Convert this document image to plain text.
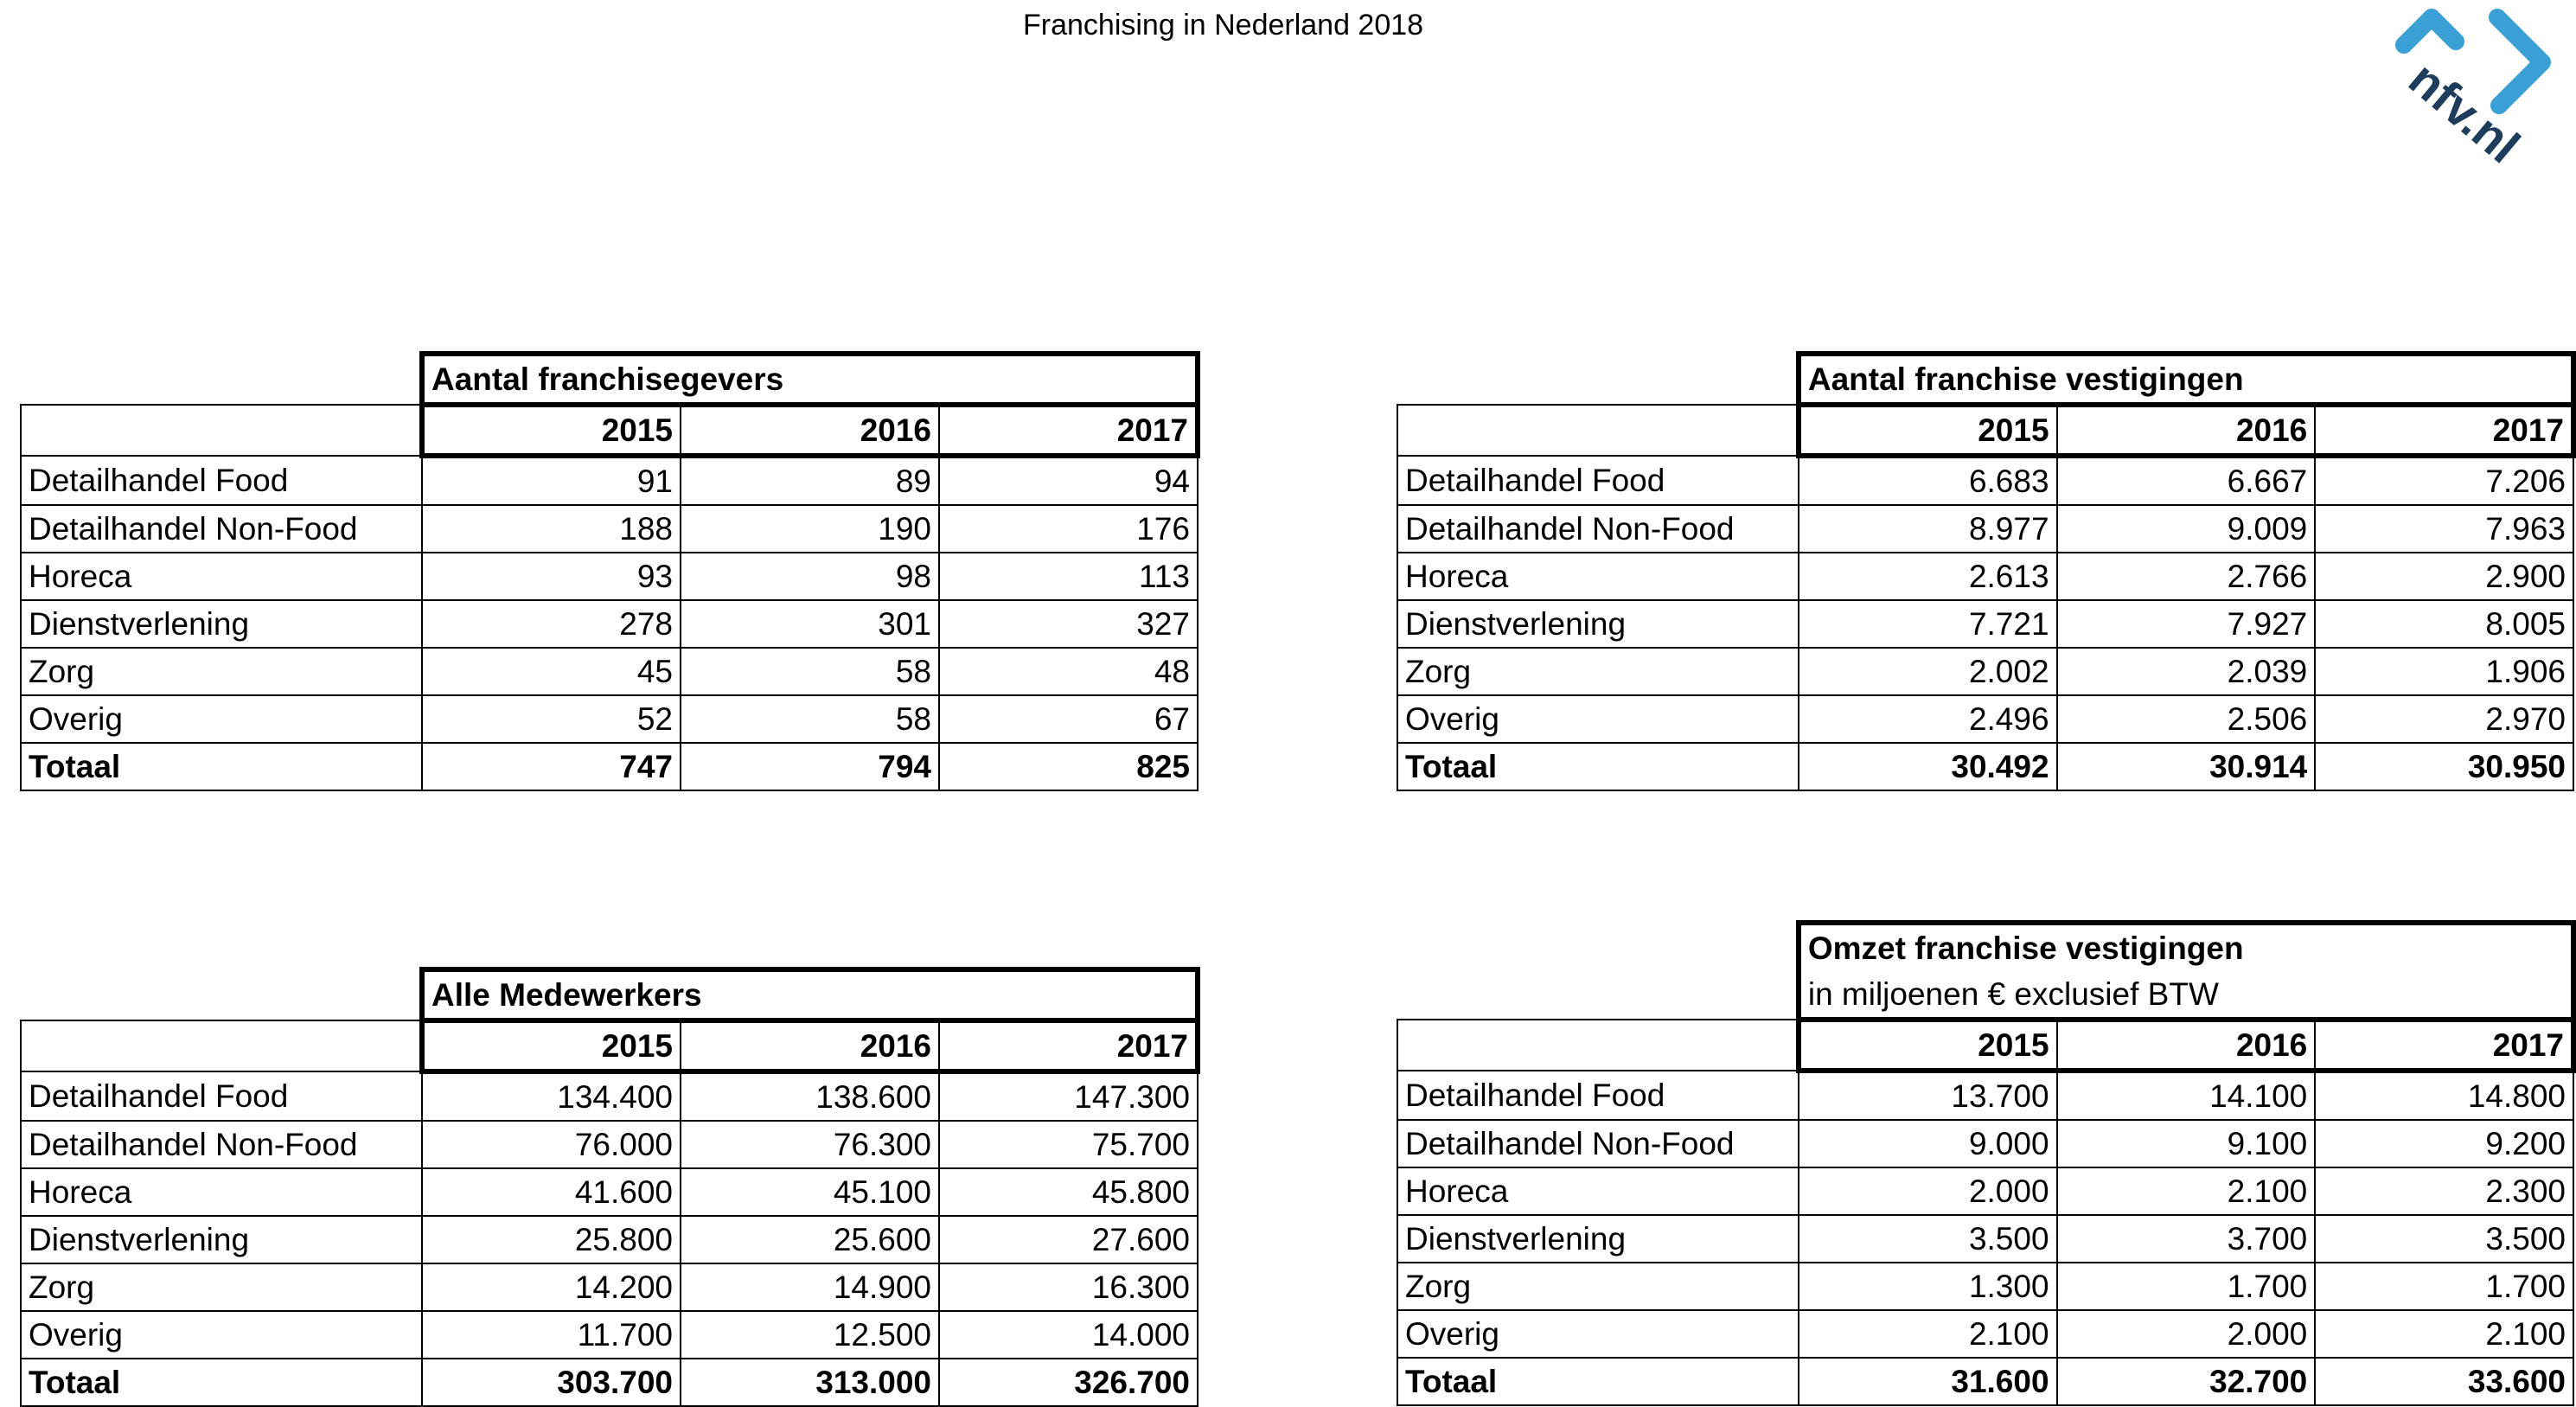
Franchising in Nederland 2018
nfv.nl
	Aantal franchisegevers		
	2015	2016	2017
Detailhandel Food	91	89	94
Detailhandel Non-Food	188	190	176
Horeca	93	98	113
Dienstverlening	278	301	327
Zorg	45	58	48
Overig	52	58	67
Totaal	747	794	825
	Aantal franchise vestigingen		
	2015	2016	2017
Detailhandel Food	6.683	6.667	7.206
Detailhandel Non-Food	8.977	9.009	7.963
Horeca	2.613	2.766	2.900
Dienstverlening	7.721	7.927	8.005
Zorg	2.002	2.039	1.906
Overig	2.496	2.506	2.970
Totaal	30.492	30.914	30.950
	Alle Medewerkers		
	2015	2016	2017
Detailhandel Food	134.400	138.600	147.300
Detailhandel Non-Food	76.000	76.300	75.700
Horeca	41.600	45.100	45.800
Dienstverlening	25.800	25.600	27.600
Zorg	14.200	14.900	16.300
Overig	11.700	12.500	14.000
Totaal	303.700	313.000	326.700
	Omzet franchise vestigingen		
	in miljoenen € exclusief BTW		
	2015	2016	2017
Detailhandel Food	13.700	14.100	14.800
Detailhandel Non-Food	9.000	9.100	9.200
Horeca	2.000	2.100	2.300
Dienstverlening	3.500	3.700	3.500
Zorg	1.300	1.700	1.700
Overig	2.100	2.000	2.100
Totaal	31.600	32.700	33.600
